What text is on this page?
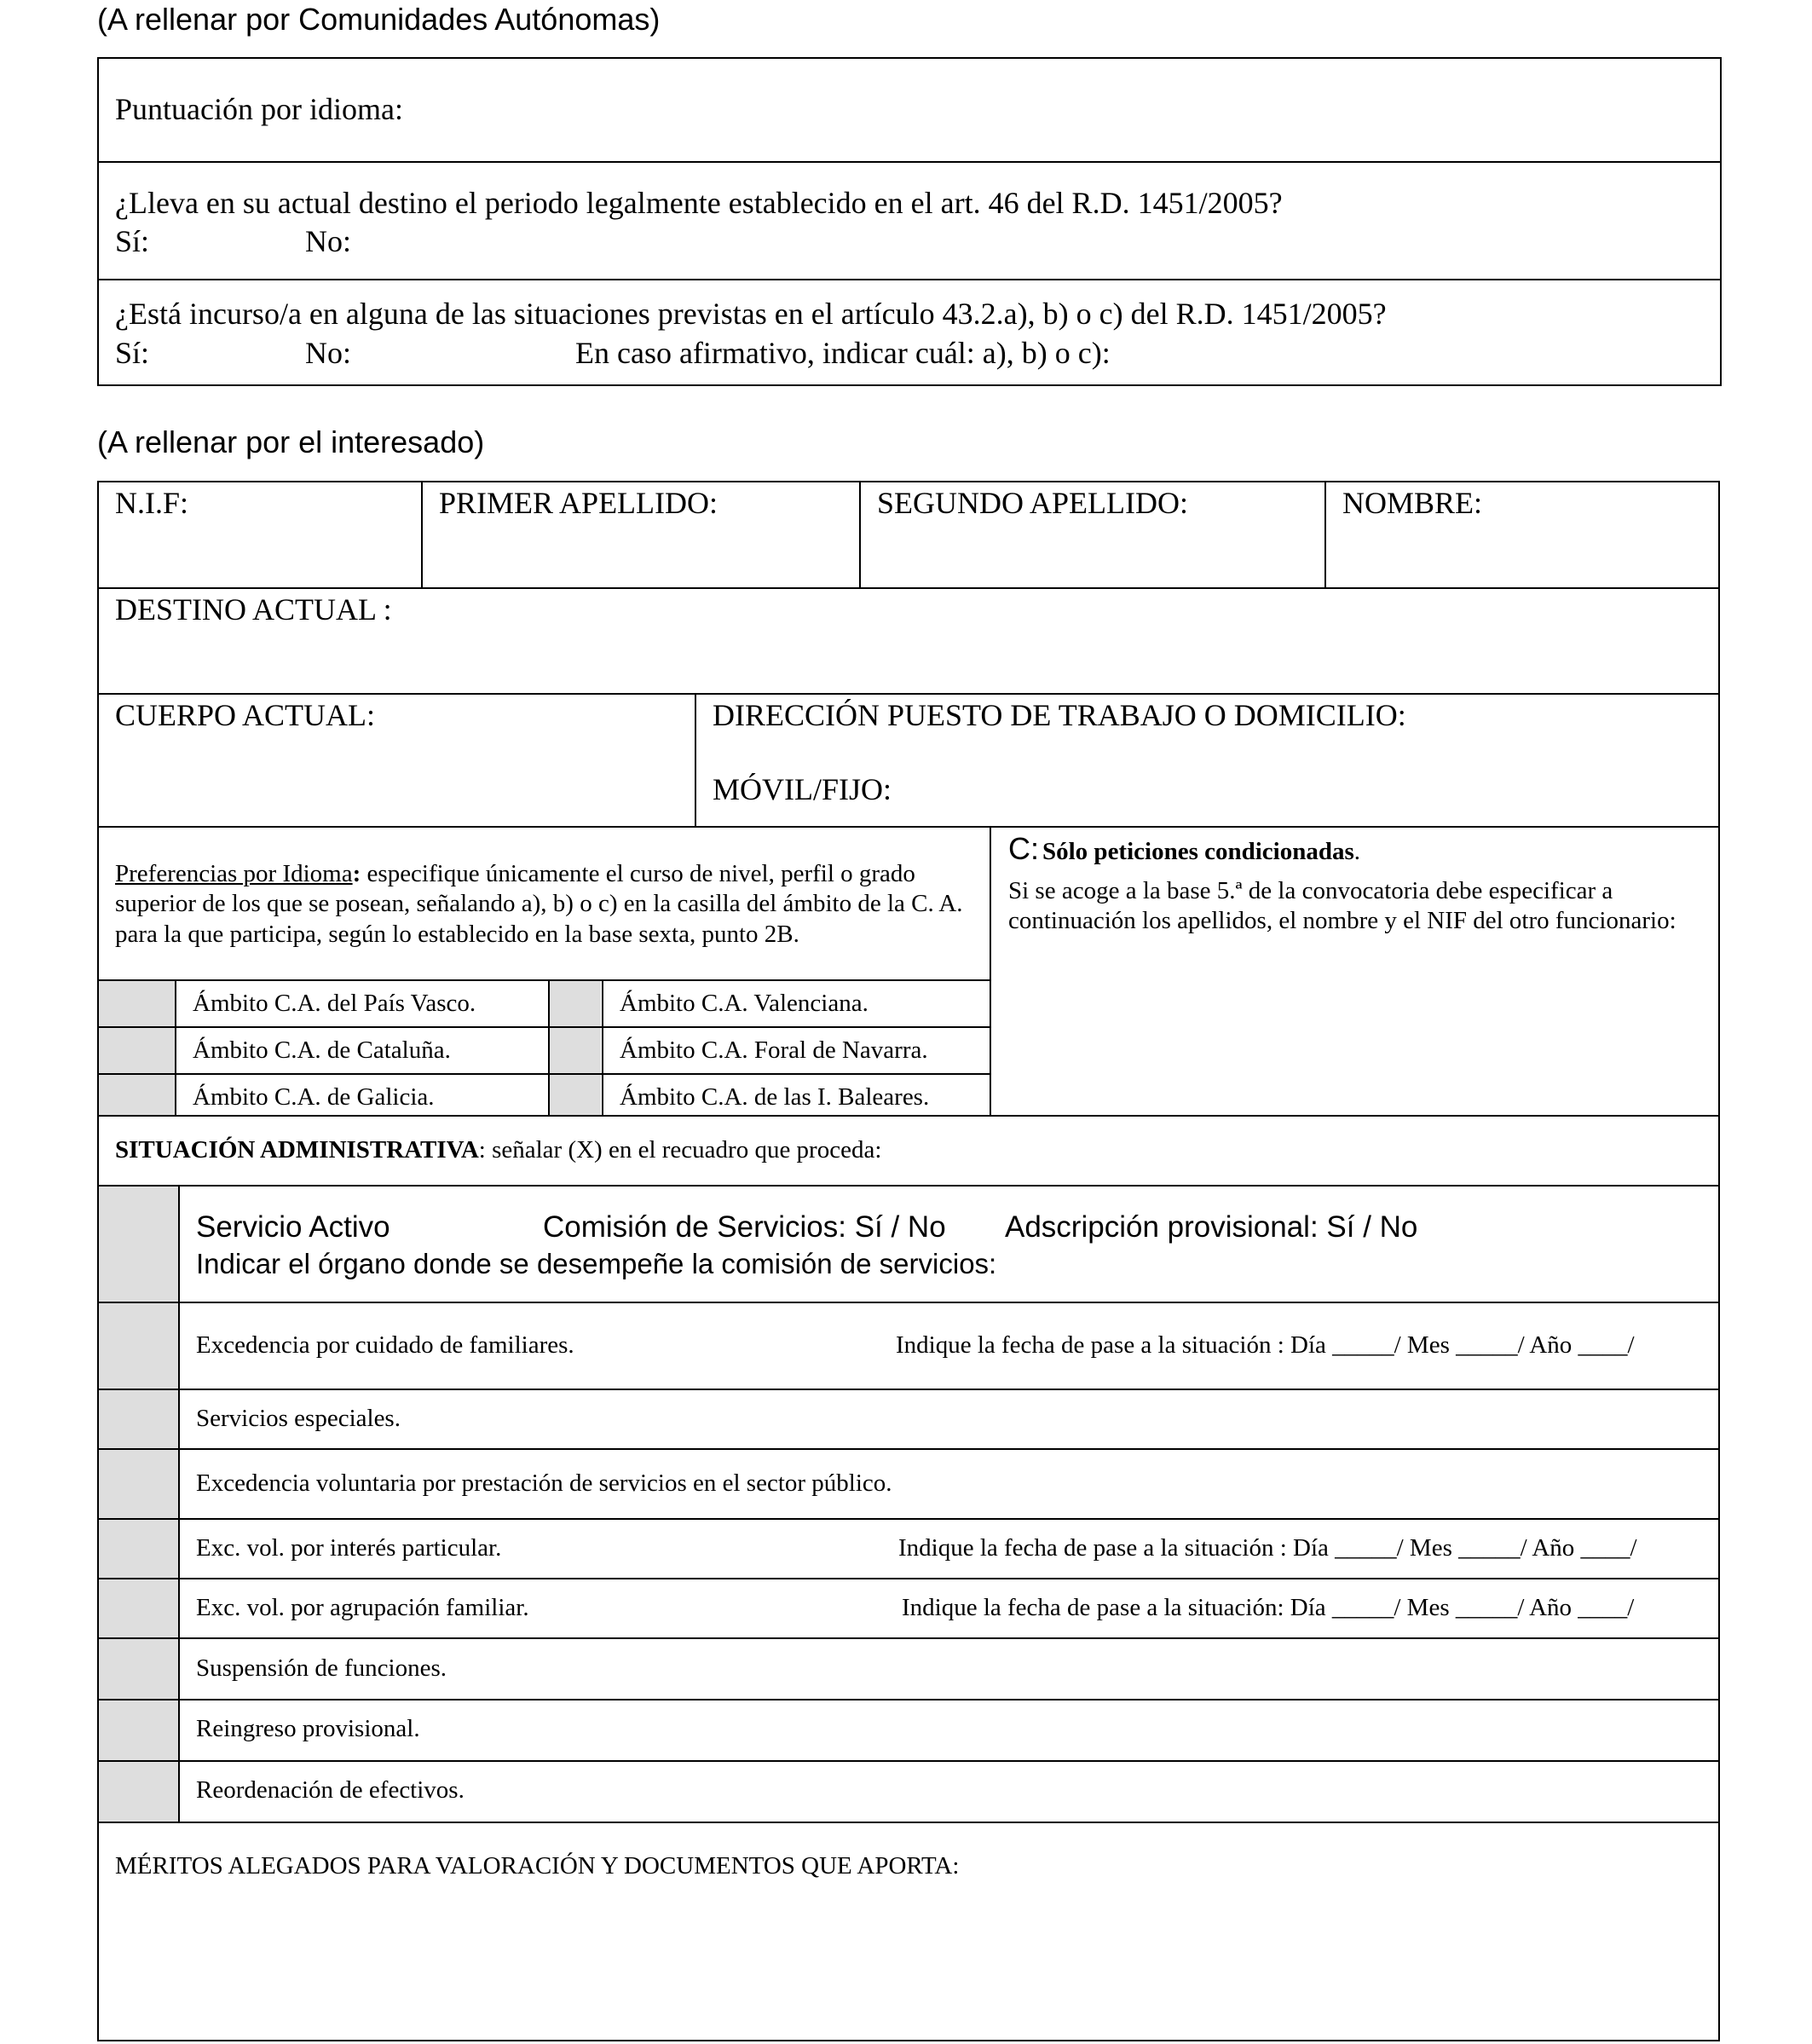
(A rellenar por Comunidades Autónomas)
Puntuación por idioma:
¿Lleva en su actual destino el periodo legalmente establecido en el art. 46 del R.D. 1451/2005?
Sí:	No:
¿Está incurso/a en alguna de las situaciones previstas en el artículo 43.2.a), b) o c) del R.D. 1451/2005?
Sí:	No:	En caso afirmativo, indicar cuál: a), b) o c):
(A rellenar por el interesado)
N.I.F:	PRIMER APELLIDO:	SEGUNDO APELLIDO:	NOMBRE:
DESTINO ACTUAL :
CUERPO ACTUAL:	DIRECCIÓN PUESTO DE TRABAJO O DOMICILIO:
MÓVIL/FIJO:
Preferencias por Idioma: especifique únicamente el curso de nivel, perfil o grado superior de los que se posean, señalando a), b) o c) en la casilla del ámbito de la C. A. para la que participa, según lo establecido en la base sexta, punto 2B.
Ámbito C.A. del País Vasco.
Ámbito C.A. de Cataluña.
Ámbito C.A. de Galicia.
Ámbito C.A. Valenciana.
Ámbito C.A. Foral de Navarra.
Ámbito C.A. de las I. Baleares.
C: Sólo peticiones condicionadas.
Si se acoge a la base 5.ª de la convocatoria debe especificar a continuación los apellidos, el nombre y el NIF del otro funcionario:
SITUACIÓN ADMINISTRATIVA: señalar (X) en el recuadro que proceda:
Servicio Activo	Comisión de Servicios: Sí / No Adscripción provisional: Sí / No
Indicar el órgano donde se desempeñe la comisión de servicios:
Excedencia por cuidado de familiares.	Indique la fecha de pase a la situación : Día _____/ Mes _____/ Año ____/
Servicios especiales.
Excedencia voluntaria por prestación de servicios en el sector público.
Exc. vol. por interés particular.	Indique la fecha de pase a la situación : Día _____/ Mes _____/ Año ____/
Exc. vol. por agrupación familiar.	Indique la fecha de pase a la situación: Día _____/ Mes _____/ Año ____/
Suspensión de funciones.
Reingreso provisional.
Reordenación de efectivos.
MÉRITOS ALEGADOS PARA VALORACIÓN Y DOCUMENTOS QUE APORTA:
